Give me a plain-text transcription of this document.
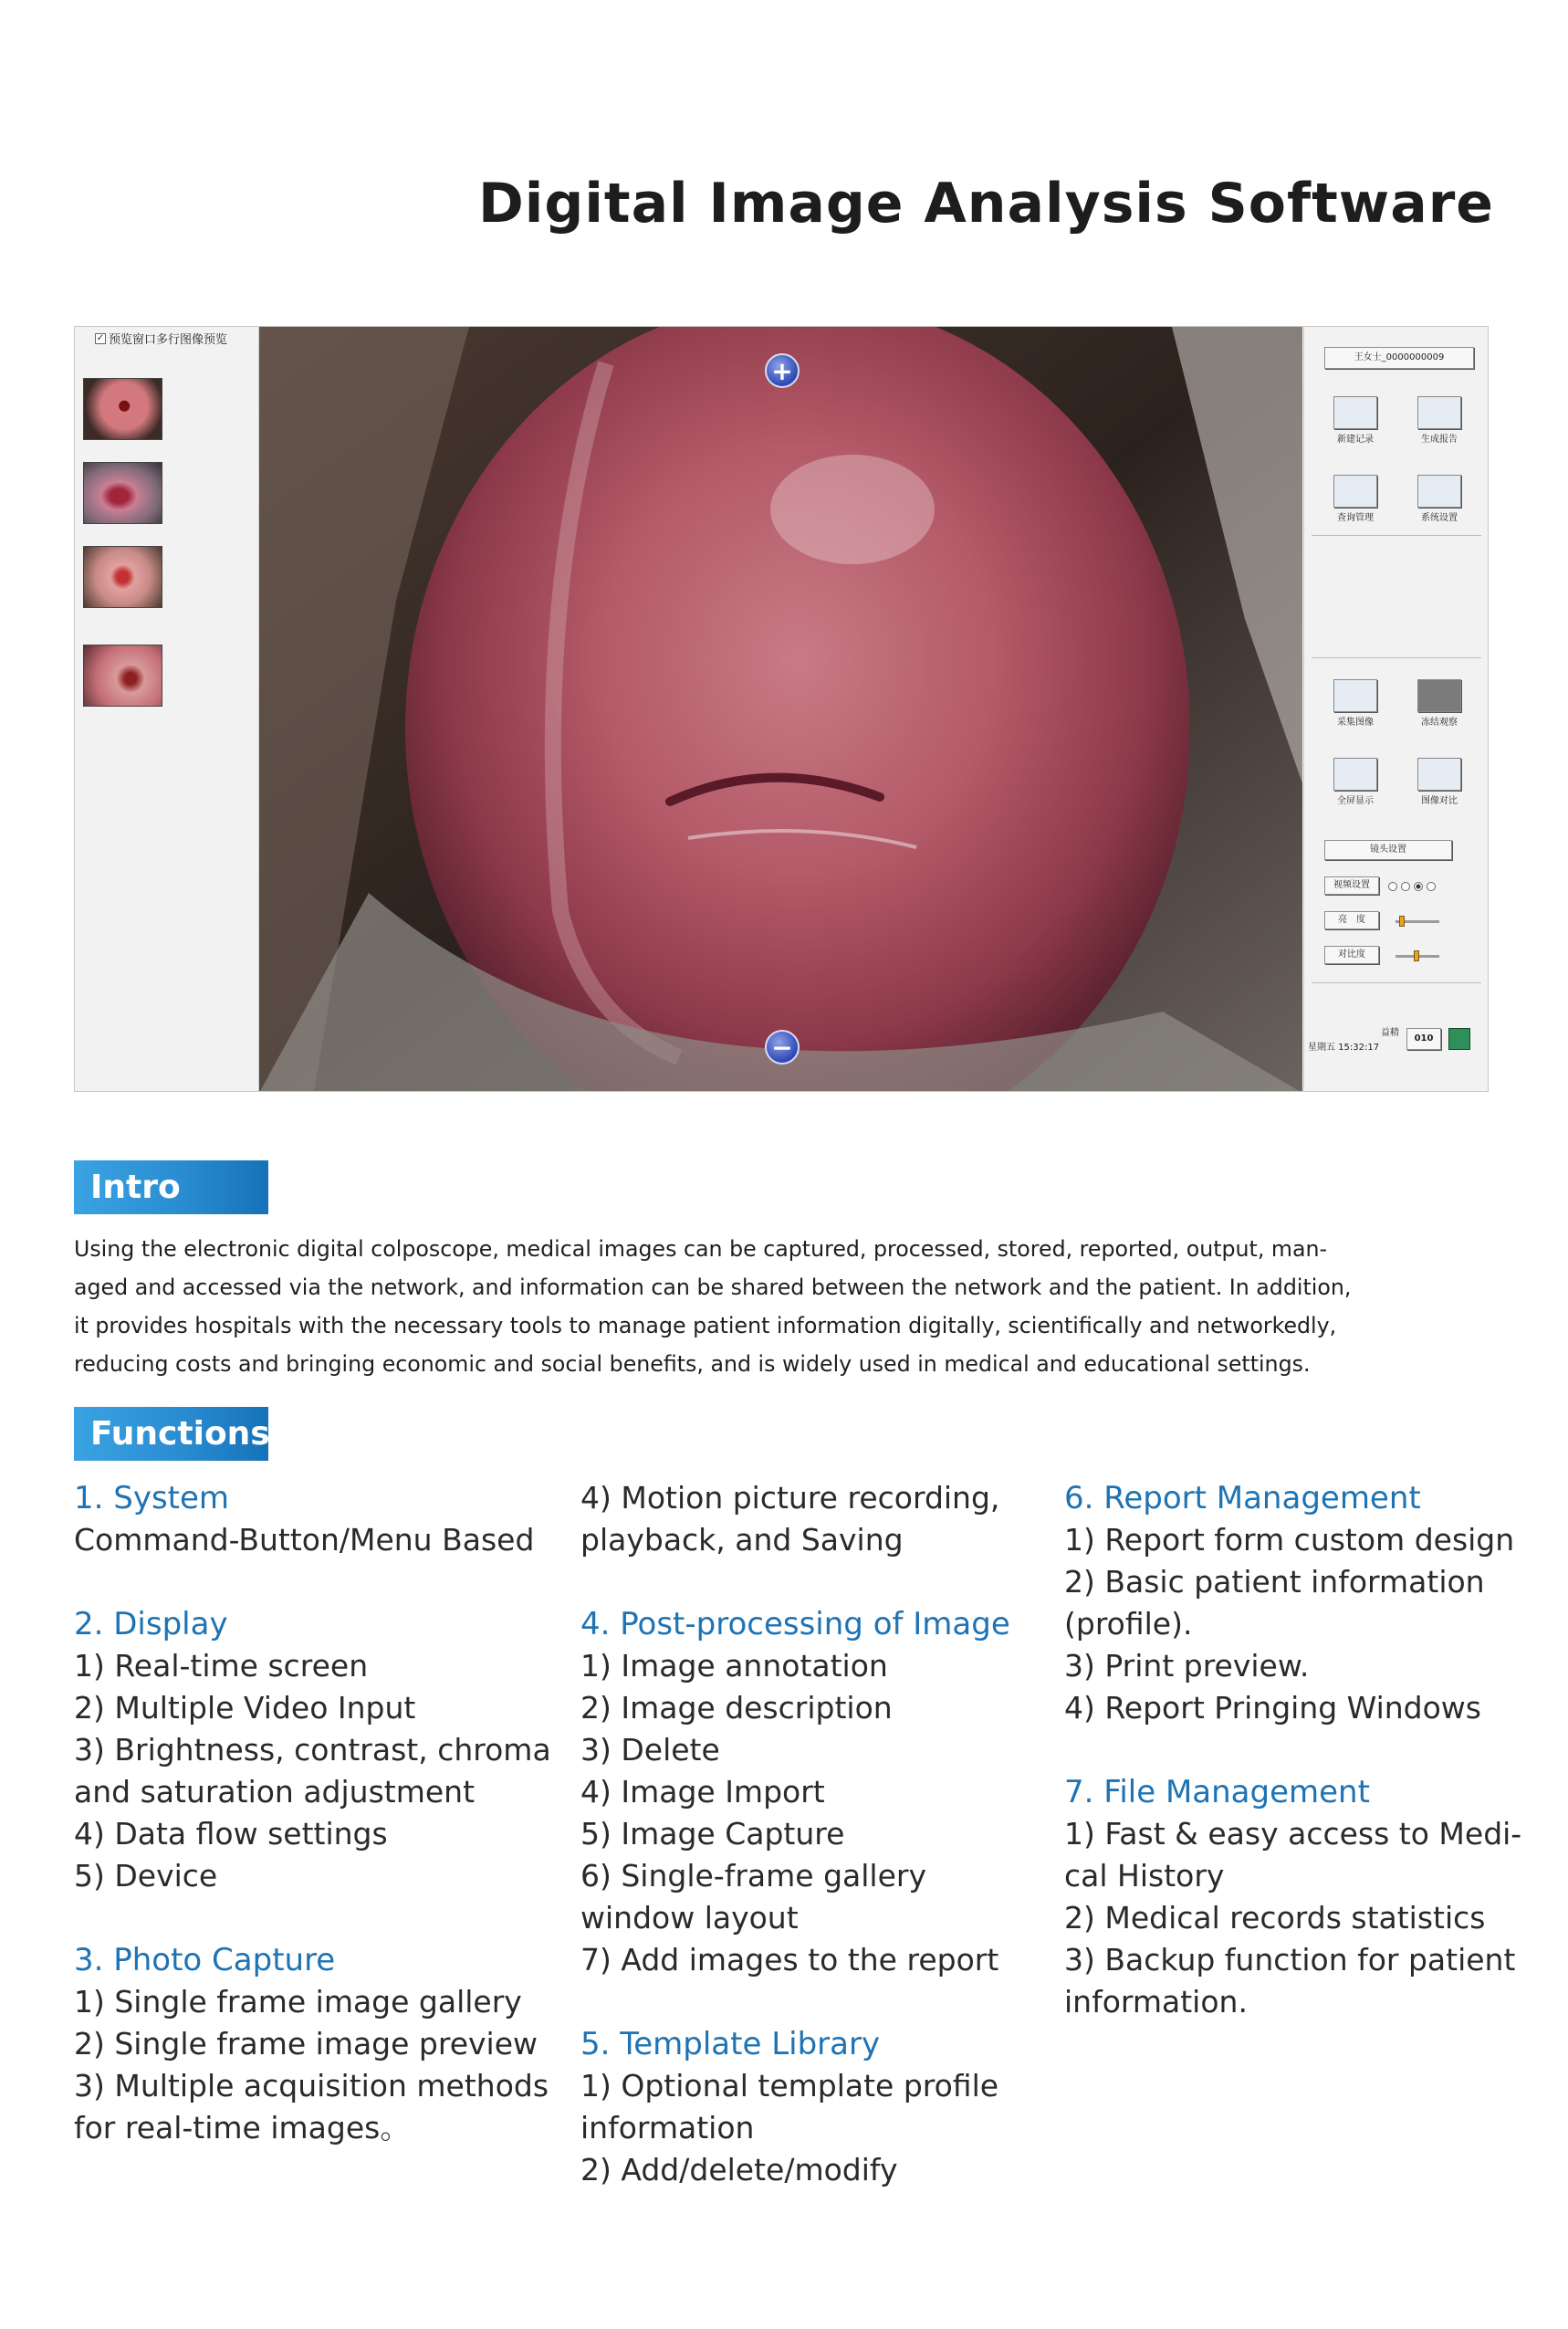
Digital Image Analysis Software
✓ 预览窗口多行图像预览
+
−
王女士_0000000009
新建记录	生成报告
查询管理	系统设置
采集图像	冻结观察
全屏显示	图像对比
镜头设置
视频设置
亮　度
对比度
益精
星期五 15:32:17
010
Intro
Using the electronic digital colposcope, medical images can be captured, processed, stored, reported, output, man-
aged and accessed via the network, and information can be shared between the network and the patient. In addition,
it provides hospitals with the necessary tools to manage patient information digitally, scientifically and networkedly,
reducing costs and bringing economic and social benefits, and is widely used in medical and educational settings.
Functions

1. System

Command-Button/Menu Based

2. Display

1) Real-time screen

2) Multiple Video Input

3) Brightness, contrast, chroma

and saturation adjustment

4) Data flow settings

5) Device

3. Photo Capture

1) Single frame image gallery

2) Single frame image preview

3) Multiple acquisition methods

for real-time images。

4) Motion picture recording,

playback, and Saving

4. Post-processing of Image

1) Image annotation

2) Image description

3) Delete

4) Image Import

5) Image Capture

6) Single-frame gallery

window layout

7) Add images to the report

5. Template Library

1) Optional template profile

information

2) Add/delete/modify

6. Report Management

1) Report form custom design

2) Basic patient information

(profile).

3) Print preview.

4) Report Pringing Windows

7. File Management

1) Fast & easy access to Medi-

cal History

2) Medical records statistics

3) Backup function for patient

information.
